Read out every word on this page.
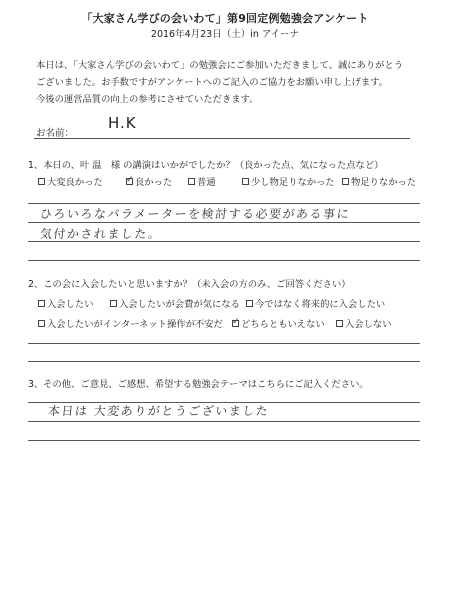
「大家さん学びの会いわて」第9回定例勉強会アンケート
2016年4月23日（土）in アイーナ
本日は、「大家さん学びの会いわて」の勉強会にご参加いただきまして、誠にありがとう
ございました。お手数ですがアンケートへのご記入のご協力をお願い申し上げます。
今後の運営品質の向上の参考にさせていただきます。
お名前：
H.K
1、本日の、叶 温　様 の講演はいかがでしたか？（良かった点、気になった点など）
大変良かった ✓	良かった	普通	少し物足りなかった 物足りなかった
ひろいろなパラメーターを検討する必要がある事に
気付かされました。
2、この会に入会したいと思いますか？（未入会の方のみ、ご回答ください）
入会したい	入会したいが会費が気になる 今ではなく将来的に入会したい
入会したいがインターネット操作が不安だ ✓ どちらともいえない 入会しない
3、その他、ご意見、ご感想、希望する勉強会テーマはこちらにご記入ください。
本日は 大変ありがとうございました
